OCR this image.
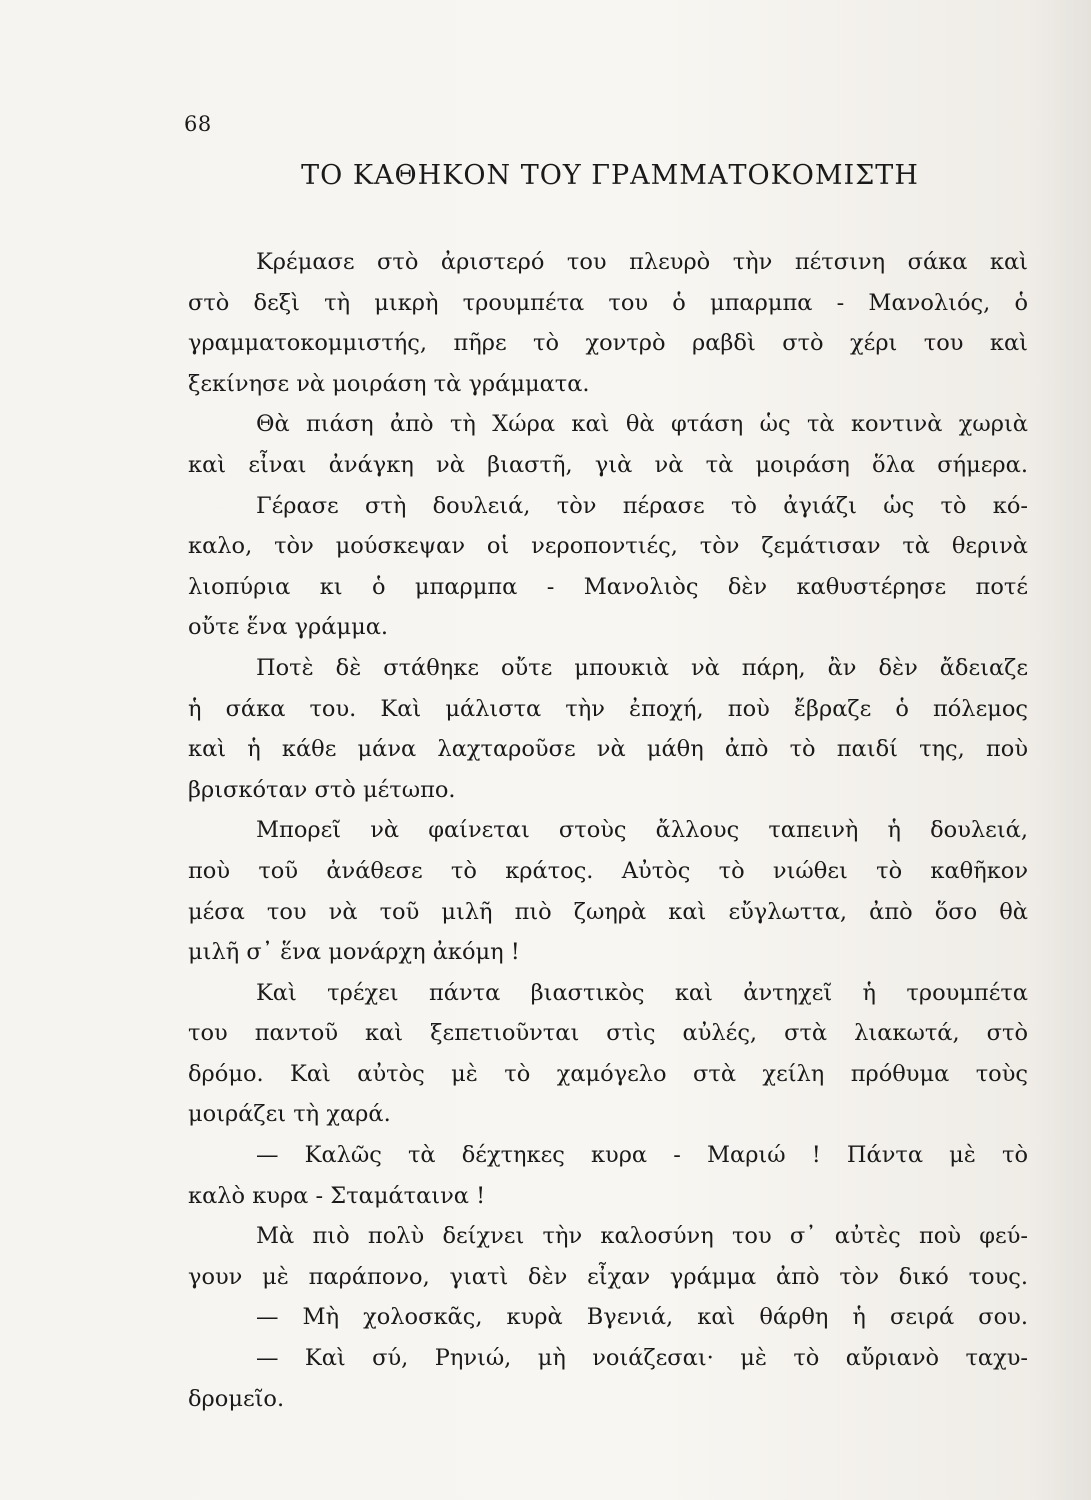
68
ΤΟ ΚΑΘΗΚΟΝ ΤΟΥ ΓΡΑΜΜΑΤΟΚΟΜΙΣΤΗ
Κρέμασε στὸ ἀριστερό του πλευρὸ τὴν πέτσινη σάκα καὶ
στὸ δεξὶ τὴ μικρὴ τρουμπέτα του ὁ μπαρμπα - Μανολιός, ὁ
γραμματοκομμιστής, πῆρε τὸ χοντρὸ ραβδὶ στὸ χέρι του καὶ
ξεκίνησε νὰ μοιράση τὰ γράμματα.
Θὰ πιάση ἀπὸ τὴ Χώρα καὶ θὰ φτάση ὡς τὰ κοντινὰ χωριὰ
καὶ εἶναι ἀνάγκη νὰ βιαστῆ, γιὰ νὰ τὰ μοιράση ὅλα σήμερα.
Γέρασε στὴ δουλειά, τὸν πέρασε τὸ ἀγιάζι ὡς τὸ κό-
καλο, τὸν μούσκεψαν οἱ νεροποντιές, τὸν ζεμάτισαν τὰ θερινὰ
λιοπύρια κι ὁ μπαρμπα - Μανολιὸς δὲν καθυστέρησε ποτέ
οὔτε ἕνα γράμμα.
Ποτὲ δὲ στάθηκε οὔτε μπουκιὰ νὰ πάρη, ἂν δὲν ἄδειαζε
ἡ σάκα του. Καὶ μάλιστα τὴν ἐποχή, ποὺ ἔβραζε ὁ πόλεμος
καὶ ἡ κάθε μάνα λαχταροῦσε νὰ μάθη ἀπὸ τὸ παιδί της, ποὺ
βρισκόταν στὸ μέτωπο.
Μπορεῖ νὰ φαίνεται στοὺς ἄλλους ταπεινὴ ἡ δουλειά,
ποὺ τοῦ ἀνάθεσε τὸ κράτος. Αὐτὸς τὸ νιώθει τὸ καθῆκον
μέσα του νὰ τοῦ μιλῆ πιὸ ζωηρὰ καὶ εὔγλωττα, ἀπὸ ὅσο θὰ
μιλῆ σ᾿ ἕνα μονάρχη ἀκόμη !
Καὶ τρέχει πάντα βιαστικὸς καὶ ἀντηχεῖ ἡ τρουμπέτα
του παντοῦ καὶ ξεπετιοῦνται στὶς αὐλές, στὰ λιακωτά, στὸ
δρόμο. Καὶ αὐτὸς μὲ τὸ χαμόγελο στὰ χείλη πρόθυμα τοὺς
μοιράζει τὴ χαρά.
— Καλῶς τὰ δέχτηκες κυρα - Μαριώ ! Πάντα μὲ τὸ
καλὸ κυρα - Σταμάταινα !
Μὰ πιὸ πολὺ δείχνει τὴν καλοσύνη του σ᾿ αὐτὲς ποὺ φεύ-
γουν μὲ παράπονο, γιατὶ δὲν εἶχαν γράμμα ἀπὸ τὸν δικό τους.
— Μὴ χολοσκᾶς, κυρὰ Βγενιά, καὶ θάρθη ἡ σειρά σου.
— Καὶ σύ, Ρηνιώ, μὴ νοιάζεσαι· μὲ τὸ αὔριανὸ ταχυ-
δρομεῖο.
